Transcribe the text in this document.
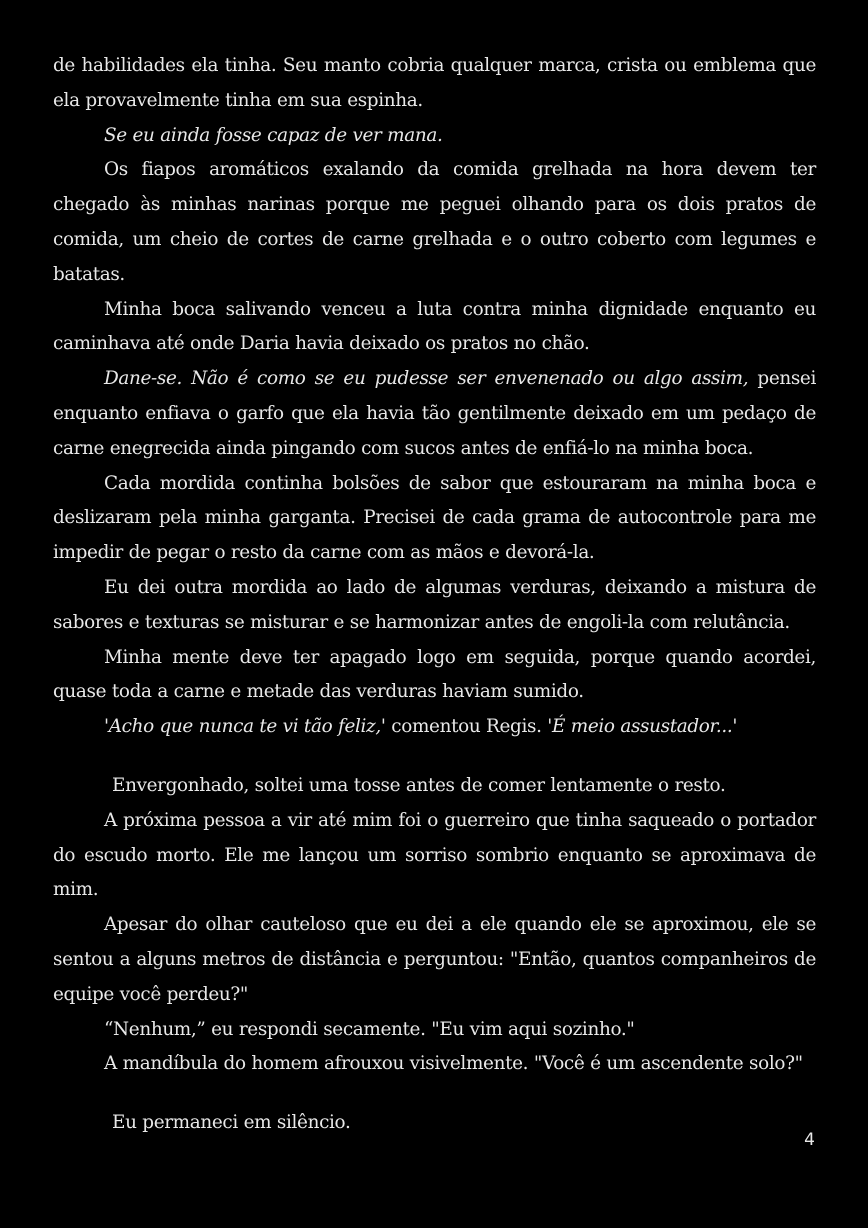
de habilidades ela tinha. Seu manto cobria qualquer marca, crista ou emblema que ela provavelmente tinha em sua espinha.

Se eu ainda fosse capaz de ver mana.

Os fiapos aromáticos exalando da comida grelhada na hora devem ter chegado às minhas narinas porque me peguei olhando para os dois pratos de comida, um cheio de cortes de carne grelhada e o outro coberto com legumes e batatas.

Minha boca salivando venceu a luta contra minha dignidade enquanto eu caminhava até onde Daria havia deixado os pratos no chão.

Dane-se. Não é como se eu pudesse ser envenenado ou algo assim, pensei enquanto enfiava o garfo que ela havia tão gentilmente deixado em um pedaço de carne enegrecida ainda pingando com sucos antes de enfiá-lo na minha boca.

Cada mordida continha bolsões de sabor que estouraram na minha boca e deslizaram pela minha garganta. Precisei de cada grama de autocontrole para me impedir de pegar o resto da carne com as mãos e devorá-la.

Eu dei outra mordida ao lado de algumas verduras, deixando a mistura de sabores e texturas se misturar e se harmonizar antes de engoli-la com relutância.

Minha mente deve ter apagado logo em seguida, porque quando acordei, quase toda a carne e metade das verduras haviam sumido.

'Acho que nunca te vi tão feliz,' comentou Regis. 'É meio assustador...'

Envergonhado, soltei uma tosse antes de comer lentamente o resto.

A próxima pessoa a vir até mim foi o guerreiro que tinha saqueado o portador do escudo morto. Ele me lançou um sorriso sombrio enquanto se aproximava de mim.

Apesar do olhar cauteloso que eu dei a ele quando ele se aproximou, ele se sentou a alguns metros de distância e perguntou: "Então, quantos companheiros de equipe você perdeu?"

“Nenhum,” eu respondi secamente. "Eu vim aqui sozinho."

A mandíbula do homem afrouxou visivelmente. "Você é um ascendente solo?"

Eu permaneci em silêncio.

4
